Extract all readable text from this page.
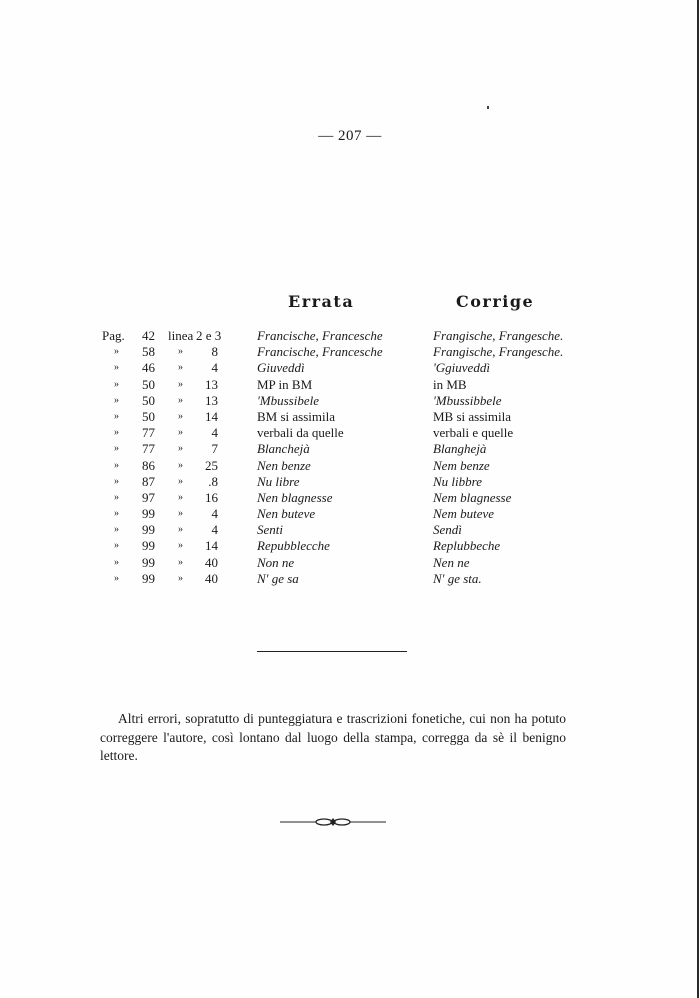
— 207 —
Errata	Corrige
Pag. 42 linea 2 e 3	Francische, Francesche	Frangische, Frangesche.
» 58 »	8	Francische, Francesche	Frangische, Frangesche.
» 46 »	4	Giuveddì	'Ggiuveddì
» 50 »	13	MP in BM	in MB
» 50 »	13	'Mbussibele	'Mbussibbele
» 50 »	14	BM si assimila	MB si assimila
» 77 »	4	verbali da quelle	verbali e quelle
» 77 »	7	Blanchejà	Blanghejà
» 86 »	25	Nen benze	Nem benze
» 87 »	.8	Nu libre	Nu libbre
» 97 »	16	Nen blagnesse	Nem blagnesse
» 99 »	4	Nen buteve	Nem buteve
» 99 »	4	Senti	Sendì
» 99 »	14	Repubblecche	Replubbeche
» 99 »	40	Non ne	Nen ne
» 99 »	40	N' ge sa	N' ge sta.
Altri errori, sopratutto di punteggiatura e trascrizioni fonetiche, cui non ha potuto correggere l'autore, così lontano dal luogo della stampa, corregga da sè il benigno lettore.
